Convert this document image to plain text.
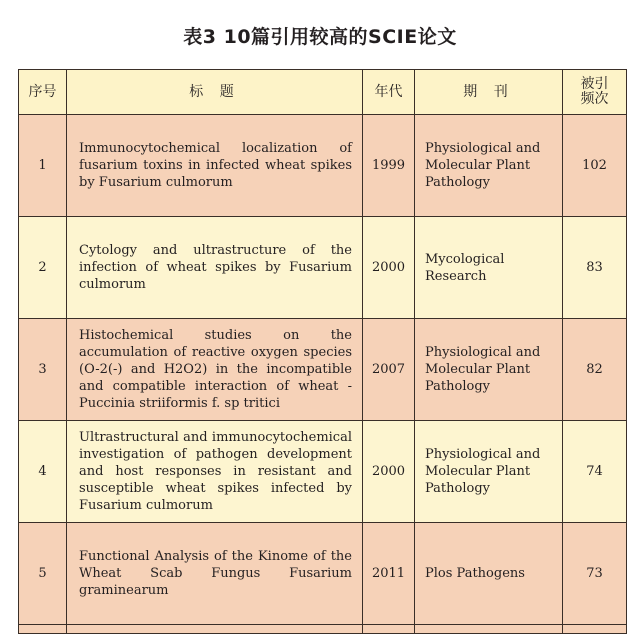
表3 10篇引用较高的SCIE论文
序号	标 题	年代	期 刊	被引
频次
1	Immunocytochemical localization of fusarium toxins in infected wheat spikes by Fusarium culmorum	1999	Physiological and Molecular Plant Pathology	102
2	Cytology and ultrastructure of the infection of wheat spikes by Fusarium culmorum	2000	Mycological Research	83
3	Histochemical studies on the accumulation of reactive oxygen species (O-2(-) and H2O2) in the incompatible and compatible interaction of wheat - Puccinia striiformis f. sp tritici	2007	Physiological and Molecular Plant Pathology	82
4	Ultrastructural and immunocytochemical investigation of pathogen development and host responses in resistant and susceptible wheat spikes infected by Fusarium culmorum	2000	Physiological and Molecular Plant Pathology	74
5	Functional Analysis of the Kinome of the Wheat Scab Fungus Fusarium graminearum	2011	Plos Pathogens	73
